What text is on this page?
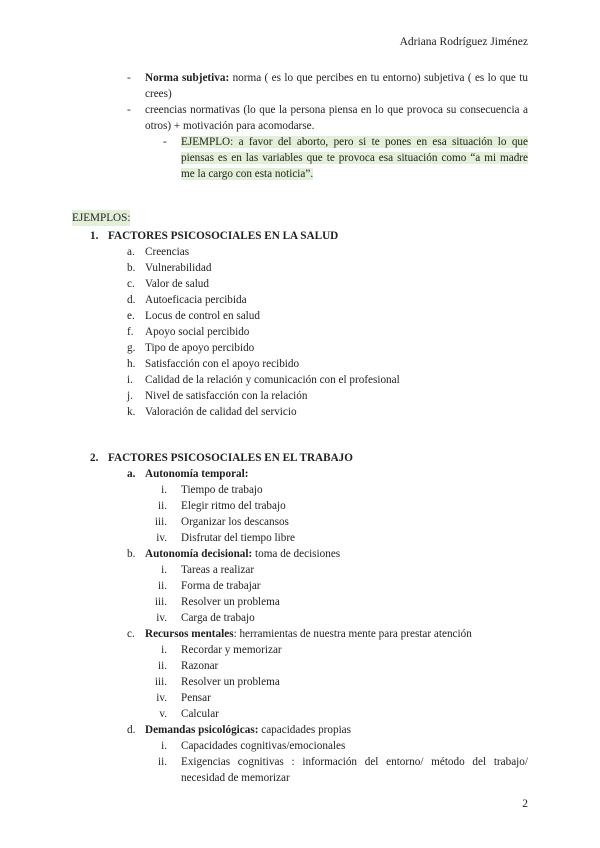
Adriana Rodríguez Jiménez
- Norma subjetiva: norma ( es lo que percibes en tu entorno) subjetiva ( es lo que tu crees)
- creencias normativas (lo que la persona piensa en lo que provoca su consecuencia a otros) + motivación para acomodarse.
- EJEMPLO: a favor del aborto, pero si te pones en esa situación lo que piensas es en las variables que te provoca esa situación como “a mi madre me la cargo con esta noticia”.
EJEMPLOS:
1. FACTORES PSICOSOCIALES EN LA SALUD
a. Creencias
b. Vulnerabilidad
c. Valor de salud
d. Autoeficacia percibida
e. Locus de control en salud
f. Apoyo social percibido
g. Tipo de apoyo percibido
h. Satisfacción con el apoyo recibido
i. Calidad de la relación y comunicación con el profesional
j. Nivel de satisfacción con la relación
k. Valoración de calidad del servicio
2. FACTORES PSICOSOCIALES EN EL TRABAJO
a. Autonomía temporal:
i. Tiempo de trabajo
ii. Elegir ritmo del trabajo
iii. Organizar los descansos
iv. Disfrutar del tiempo libre
b. Autonomía decisional: toma de decisiones
i. Tareas a realizar
ii. Forma de trabajar
iii. Resolver un problema
iv. Carga de trabajo
c. Recursos mentales: herramientas de nuestra mente para prestar atención
i. Recordar y memorizar
ii. Razonar
iii. Resolver un problema
iv. Pensar
v. Calcular
d. Demandas psicológicas: capacidades propias
i. Capacidades cognitivas/emocionales
ii. Exigencias cognitivas : información del entorno/ método del trabajo/ necesidad de memorizar
2
